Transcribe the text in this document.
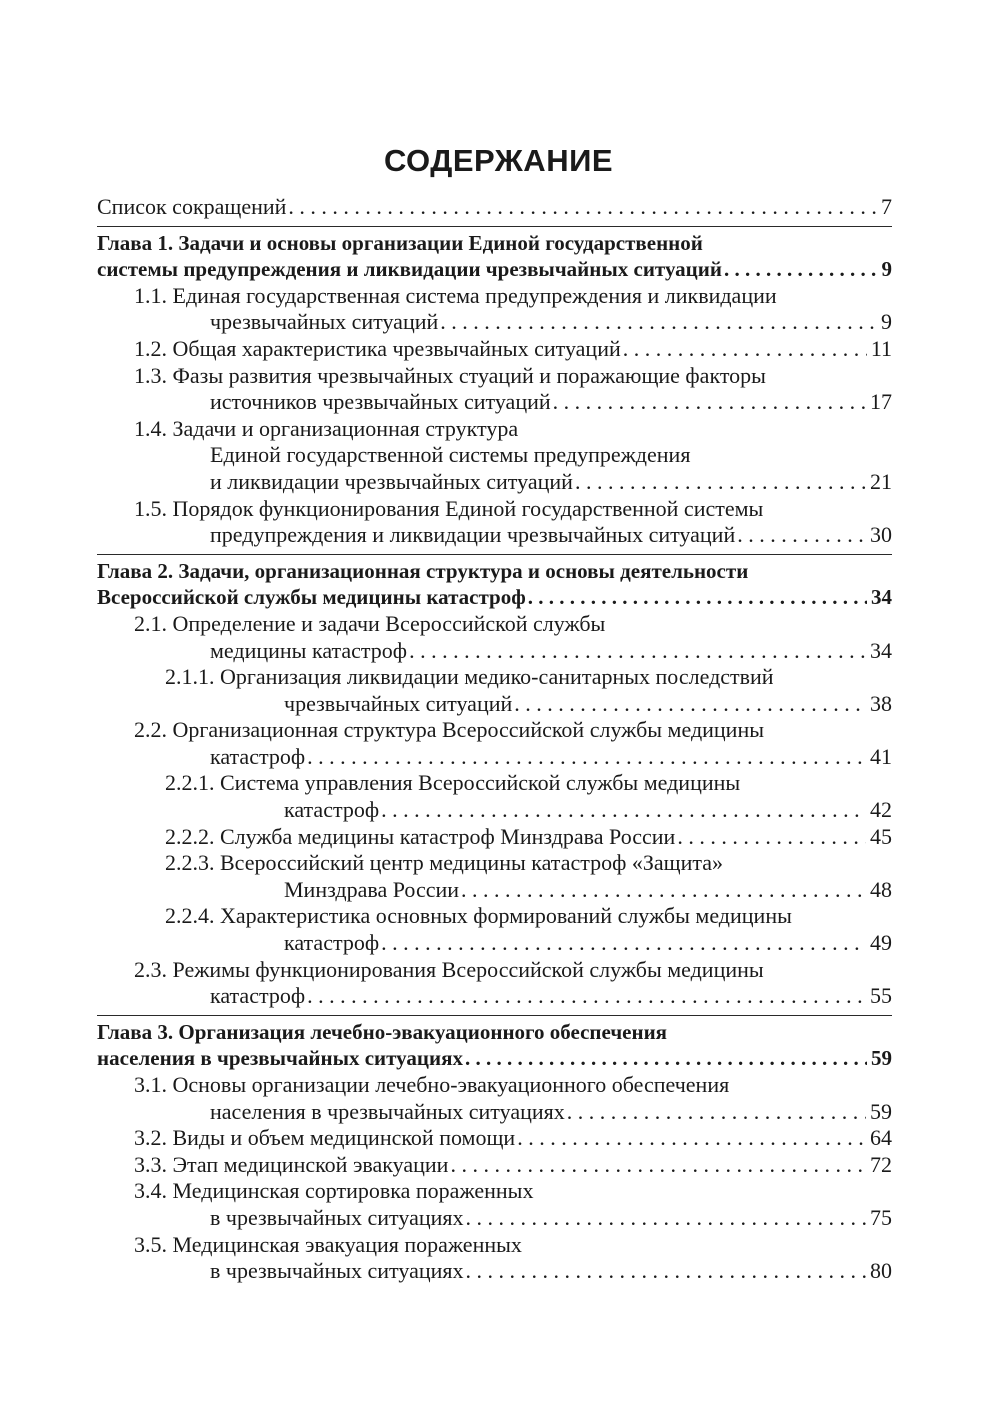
СОДЕРЖАНИЕ
Список сокращений . . .	7
Глава 1. Задачи и основы организации Единой государственной
системы предупреждения и ликвидации чрезвычайных ситуаций . . .	9
1.1. Единая государственная система предупреждения и ликвидации
чрезвычайных ситуаций . . .	9
1.2. Общая характеристика чрезвычайных ситуаций . . .	11
1.3. Фазы развития чрезвычайных стуаций и поражающие факторы
источников чрезвычайных ситуаций . . .	17
1.4. Задачи и организационная структура
Единой государственной системы предупреждения
и ликвидации чрезвычайных ситуаций . . .	21
1.5. Порядок функционирования Единой государственной системы
предупреждения и ликвидации чрезвычайных ситуаций . . .	30
Глава 2. Задачи, организационная структура и основы деятельности
Всероссийской службы медицины катастроф . . .	34
2.1. Определение и задачи Всероссийской службы
медицины катастроф . . .	34
2.1.1. Организация ликвидации медико-санитарных последствий
чрезвычайных ситуаций . . .	38
2.2. Организационная структура Всероссийской службы медицины
катастроф . . .	41
2.2.1. Система управления Всероссийской службы медицины
катастроф . . .	42
2.2.2. Служба медицины катастроф Минздрава России . . .	45
2.2.3. Всероссийский центр медицины катастроф «Защита»
Минздрава России . . .	48
2.2.4. Характеристика основных формирований службы медицины
катастроф . . .	49
2.3. Режимы функционирования Всероссийской службы медицины
катастроф . . .	55
Глава 3. Организация лечебно-эвакуационного обеспечения
населения в чрезвычайных ситуациях . . .	59
3.1. Основы организации лечебно-эвакуационного обеспечения
населения в чрезвычайных ситуациях . . .	59
3.2. Виды и объем медицинской помощи . . .	64
3.3. Этап медицинской эвакуации . . .	72
3.4. Медицинская сортировка пораженных
в чрезвычайных ситуациях . . .	75
3.5. Медицинская эвакуация пораженных
в чрезвычайных ситуациях . . .	80
